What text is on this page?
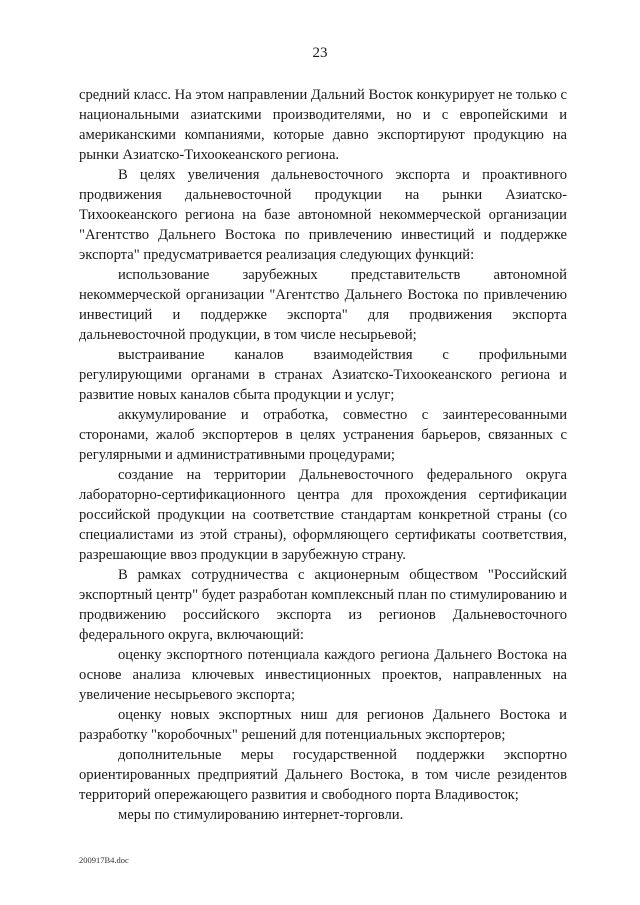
23

средний класс. На этом направлении Дальний Восток конкурирует не только с национальными азиатскими производителями, но и с европейскими и американскими компаниями, которые давно экспортируют продукцию на рынки Азиатско-Тихоокеанского региона.

В целях увеличения дальневосточного экспорта и проактивного продвижения дальневосточной продукции на рынки Азиатско-Тихоокеанского региона на базе автономной некоммерческой организации "Агентство Дальнего Востока по привлечению инвестиций и поддержке экспорта" предусматривается реализация следующих функций:

использование зарубежных представительств автономной некоммерческой организации "Агентство Дальнего Востока по привлечению инвестиций и поддержке экспорта" для продвижения экспорта дальневосточной продукции, в том числе несырьевой;

выстраивание каналов взаимодействия с профильными регулирующими органами в странах Азиатско-Тихоокеанского региона и развитие новых каналов сбыта продукции и услуг;

аккумулирование и отработка, совместно с заинтересованными сторонами, жалоб экспортеров в целях устранения барьеров, связанных с регулярными и административными процедурами;

создание на территории Дальневосточного федерального округа лабораторно-сертификационного центра для прохождения сертификации российской продукции на соответствие стандартам конкретной страны (со специалистами из этой страны), оформляющего сертификаты соответствия, разрешающие ввоз продукции в зарубежную страну.

В рамках сотрудничества с акционерным обществом "Российский экспортный центр" будет разработан комплексный план по стимулированию и продвижению российского экспорта из регионов Дальневосточного федерального округа, включающий:

оценку экспортного потенциала каждого региона Дальнего Востока на основе анализа ключевых инвестиционных проектов, направленных на увеличение несырьевого экспорта;

оценку новых экспортных ниш для регионов Дальнего Востока и разработку "коробочных" решений для потенциальных экспортеров;

дополнительные меры государственной поддержки экспортно ориентированных предприятий Дальнего Востока, в том числе резидентов территорий опережающего развития и свободного порта Владивосток;

меры по стимулированию интернет-торговли.

200917В4.doc
